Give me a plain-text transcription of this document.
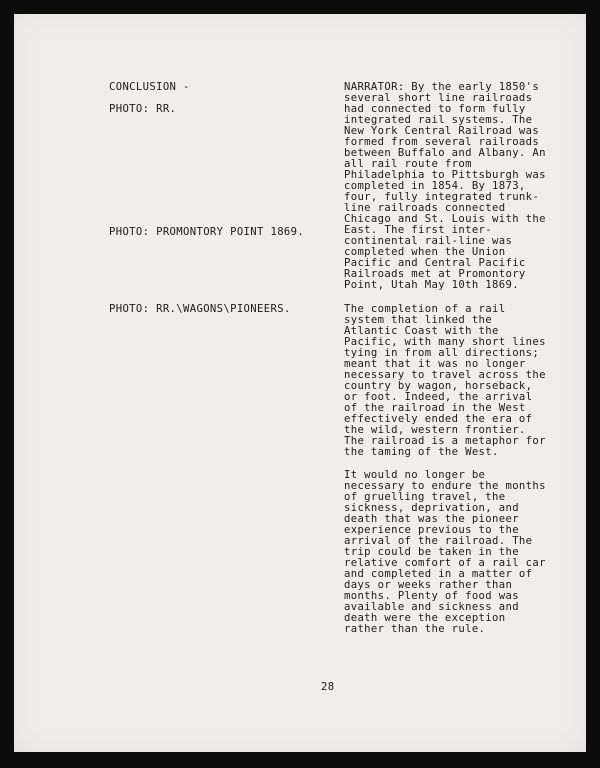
CONCLUSION -
PHOTO: RR.
PHOTO: PROMONTORY POINT 1869.
PHOTO: RR.\WAGONS\PIONEERS.
NARRATOR: By the early 1850's
several short line railroads
had connected to form fully
integrated rail systems. The
New York Central Railroad was
formed from several railroads
between Buffalo and Albany. An
all rail route from
Philadelphia to Pittsburgh was
completed in 1854. By 1873,
four, fully integrated trunk-
line railroads connected
Chicago and St. Louis with the
East. The first inter-
continental rail-line was
completed when the Union
Pacific and Central Pacific
Railroads met at Promontory
Point, Utah May 10th 1869.
The completion of a rail
system that linked the
Atlantic Coast with the
Pacific, with many short lines
tying in from all directions;
meant that it was no longer
necessary to travel across the
country by wagon, horseback,
or foot. Indeed, the arrival
of the railroad in the West
effectively ended the era of
the wild, western frontier.
The railroad is a metaphor for
the taming of the West.
It would no longer be
necessary to endure the months
of gruelling travel, the
sickness, deprivation, and
death that was the pioneer
experience previous to the
arrival of the railroad. The
trip could be taken in the
relative comfort of a rail car
and completed in a matter of
days or weeks rather than
months. Plenty of food was
available and sickness and
death were the exception
rather than the rule.
28
